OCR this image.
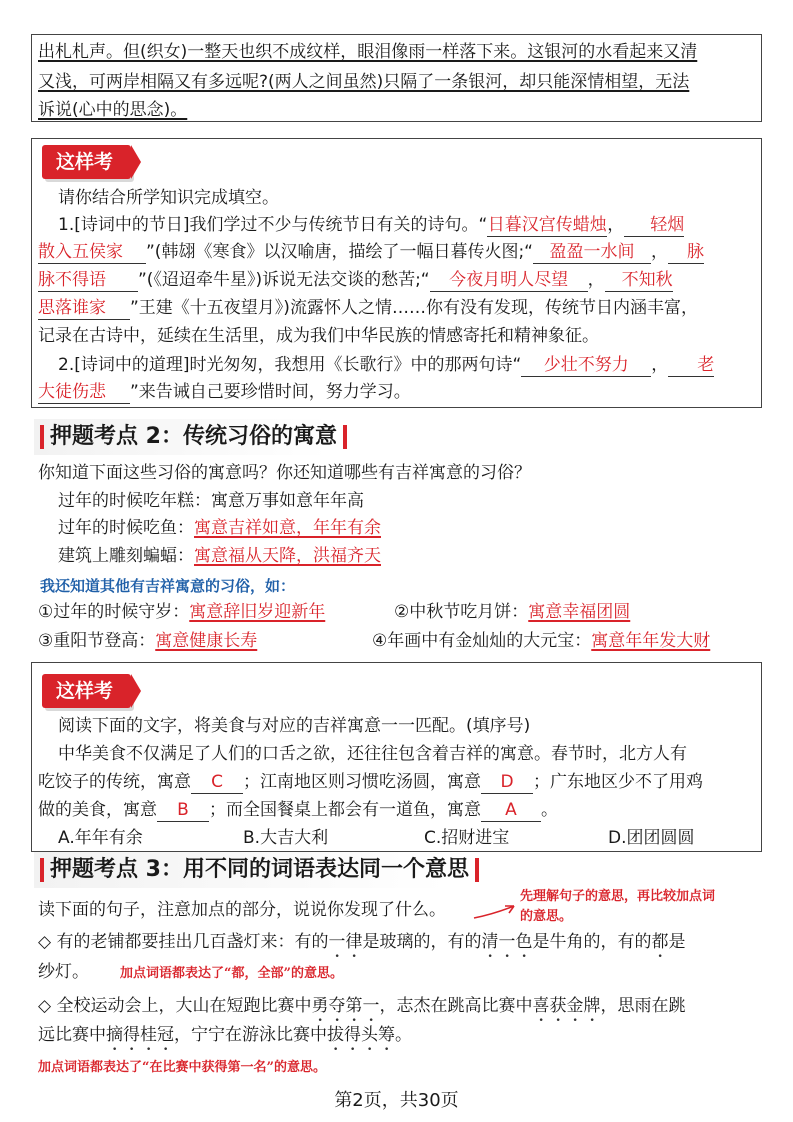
出札札声。但(织女)一整天也织不成纹样，眼泪像雨一样落下来。这银河的水看起来又清
又浅，可两岸相隔又有多远呢?(两人之间虽然)只隔了一条银河，却只能深情相望，无法
诉说(心中的思念)。
这样考
请你结合所学知识完成填空。
1.[诗词中的节日]我们学过不少与传统节日有关的诗句。“日暮汉宫传蜡烛， 轻烟
散入五侯家 ”(韩翃《寒食》以汉喻唐，描绘了一幅日暮传火图;“ 盈盈一水间 ， 脉
脉不得语 ”(《迢迢牵牛星》)诉说无法交谈的愁苦;“ 今夜月明人尽望 ， 不知秋
思落谁家 ”王建《十五夜望月》)流露怀人之情……你有没有发现，传统节日内涵丰富，
记录在古诗中，延续在生活里，成为我们中华民族的情感寄托和精神象征。
2.[诗词中的道理]时光匆匆，我想用《长歌行》中的那两句诗“ 少壮不努力 ， 老
大徒伤悲 ”来告诫自己要珍惜时间，努力学习。
押题考点 2：传统习俗的寓意
你知道下面这些习俗的寓意吗？你还知道哪些有吉祥寓意的习俗？
过年的时候吃年糕：寓意万事如意年年高
过年的时候吃鱼：寓意吉祥如意，年年有余
建筑上雕刻蝙蝠：寓意福从天降，洪福齐天
我还知道其他有吉祥寓意的习俗，如：
①过年的时候守岁：寓意辞旧岁迎新年	②中秋节吃月饼：寓意幸福团圆
③重阳节登高：寓意健康长寿	④年画中有金灿灿的大元宝：寓意年年发大财
这样考
阅读下面的文字，将美食与对应的吉祥寓意一一匹配。(填序号)
中华美食不仅满足了人们的口舌之欲，还往往包含着吉祥的寓意。春节时，北方人有
吃饺子的传统，寓意 C ；江南地区则习惯吃汤圆，寓意 D ；广东地区少不了用鸡
做的美食，寓意 B ；而全国餐桌上都会有一道鱼，寓意 A 。
A.年年有余	B.大吉大利	C.招财进宝	D.团团圆圆
押题考点 3：用不同的词语表达同一个意思
读下面的句子，注意加点的部分，说说你发现了什么。
先理解句子的意思，再比较加点词
的意思。
◇ 有的老铺都要挂出几百盏灯来：有的一律是玻璃的，有的清一色是牛角的，有的都是
纱灯。 加点词语都表达了“都，全部”的意思。
◇ 全校运动会上，大山在短跑比赛中勇夺第一，志杰在跳高比赛中喜获金牌，思雨在跳
远比赛中摘得桂冠，宁宁在游泳比赛中拔得头筹。
加点词语都表达了“在比赛中获得第一名”的意思。
第2页，共30页
